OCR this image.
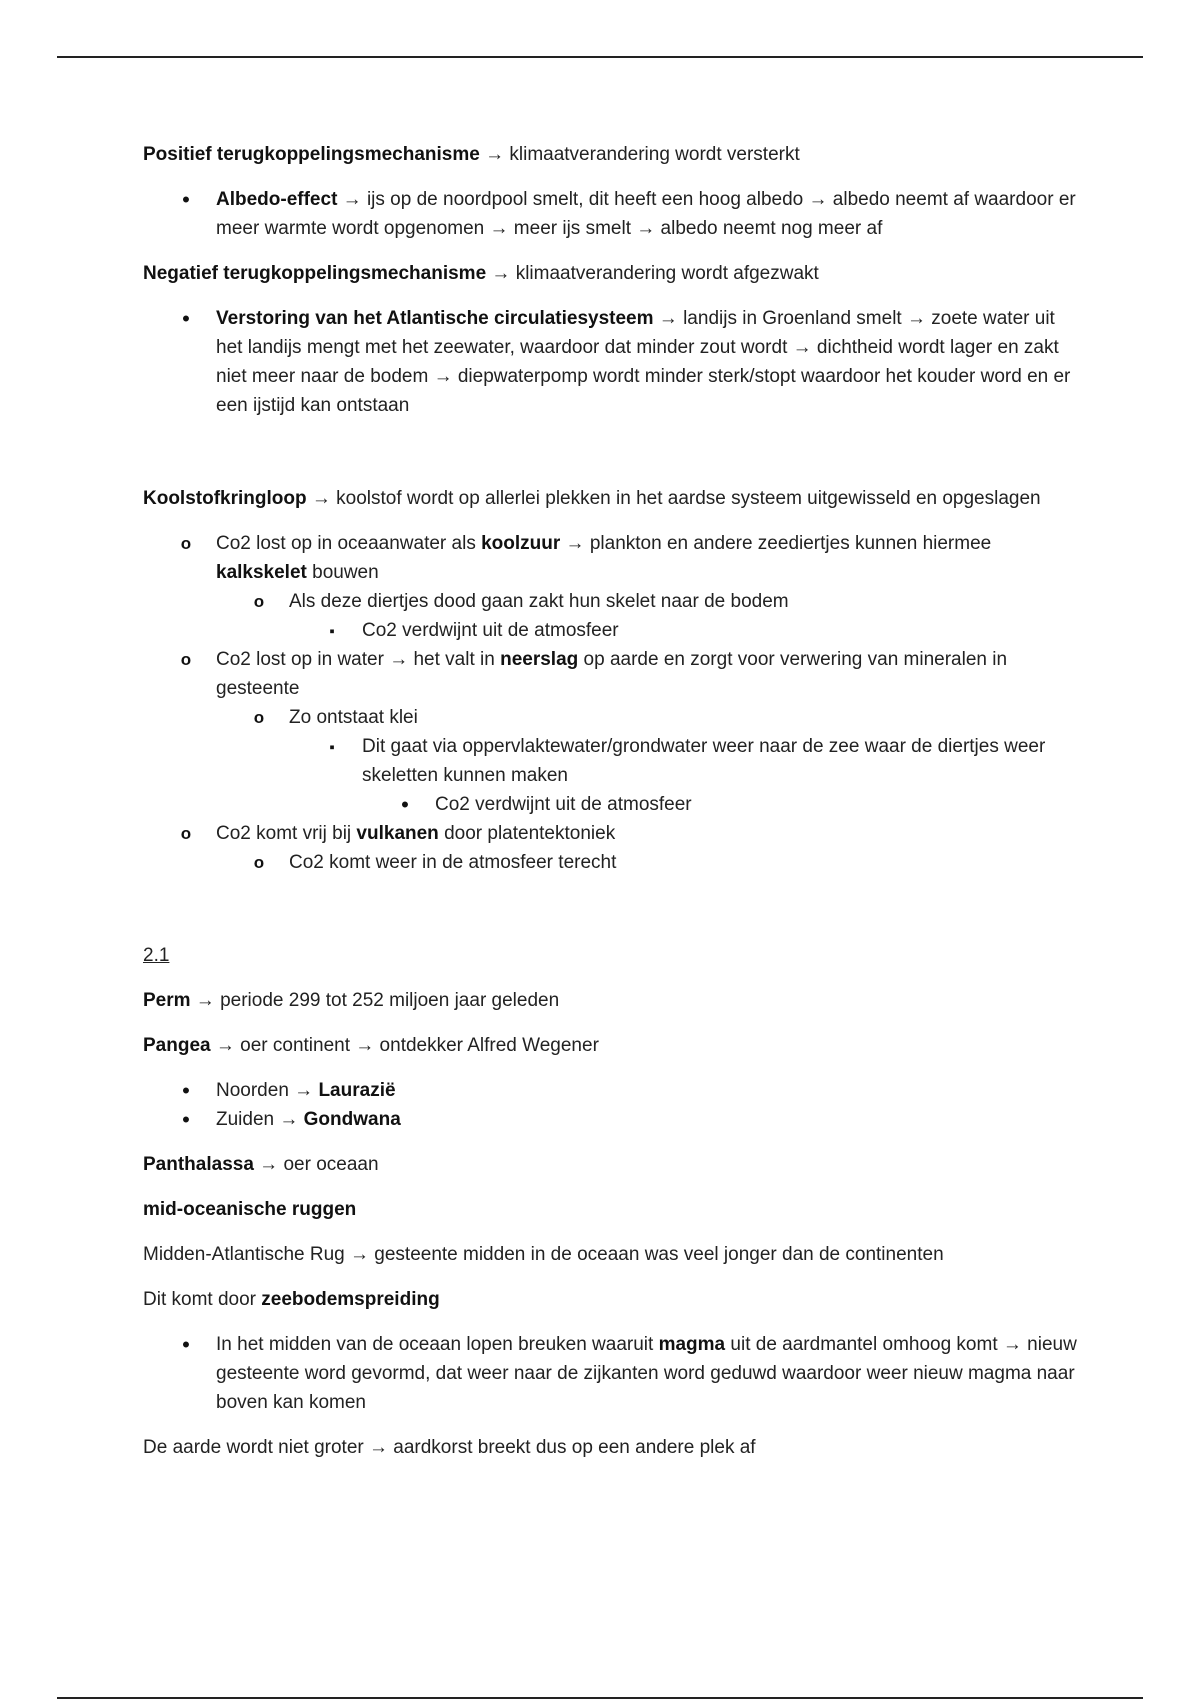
Positief terugkoppelingsmechanisme → klimaatverandering wordt versterkt

•
Albedo-effect → ijs op de noordpool smelt, dit heeft een hoog albedo → albedo neemt af waardoor er meer warmte wordt opgenomen → meer ijs smelt → albedo neemt nog meer af

Negatief terugkoppelingsmechanisme → klimaatverandering wordt afgezwakt

•
Verstoring van het Atlantische circulatiesysteem → landijs in Groenland smelt → zoete water uit het landijs mengt met het zeewater, waardoor dat minder zout wordt → dichtheid wordt lager en zakt niet meer naar de bodem → diepwaterpomp wordt minder sterk/stopt waardoor het kouder word en er een ijstijd kan ontstaan

Koolstofkringloop → koolstof wordt op allerlei plekken in het aardse systeem uitgewisseld en opgeslagen

o
Co2 lost op in oceaanwater als koolzuur → plankton en andere zeediertjes kunnen hiermee kalkskelet bouwen
o
Als deze diertjes dood gaan zakt hun skelet naar de bodem
▪
Co2 verdwijnt uit de atmosfeer
o
Co2 lost op in water → het valt in neerslag op aarde en zorgt voor verwering van mineralen in gesteente
o
Zo ontstaat klei
▪
Dit gaat via oppervlaktewater/grondwater weer naar de zee waar de diertjes weer skeletten kunnen maken
•
Co2 verdwijnt uit de atmosfeer
o
Co2 komt vrij bij vulkanen door platentektoniek
o
Co2 komt weer in de atmosfeer terecht

2.1

Perm → periode 299 tot 252 miljoen jaar geleden

Pangea → oer continent → ontdekker Alfred Wegener

•
Noorden → Laurazië
•
Zuiden → Gondwana

Panthalassa → oer oceaan

mid-oceanische ruggen

Midden-Atlantische Rug → gesteente midden in de oceaan was veel jonger dan de continenten

Dit komt door zeebodemspreiding

•
In het midden van de oceaan lopen breuken waaruit magma uit de aardmantel omhoog komt → nieuw gesteente word gevormd, dat weer naar de zijkanten word geduwd waardoor weer nieuw magma naar boven kan komen

De aarde wordt niet groter → aardkorst breekt dus op een andere plek af
